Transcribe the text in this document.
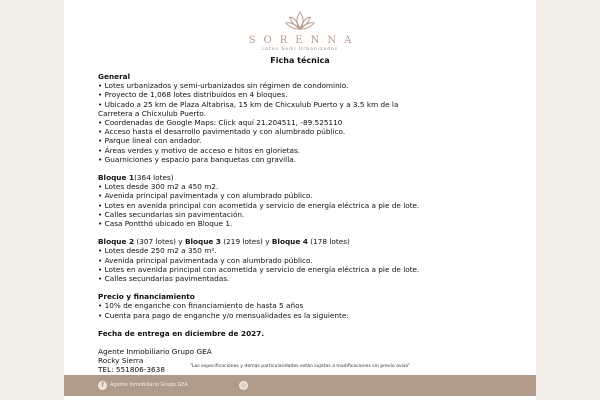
SORENNA
Lotes Semi Urbanizados
Ficha técnica
General
• Lotes urbanizados y semi-urbanizados sin régimen de condominio.
• Proyecto de 1,068 lotes distribuidos en 4 bloques.
• Ubicado a 25 km de Plaza Altabrisa, 15 km de Chicxulub Puerto y a 3.5 km de la
Carretera a Chicxulub Puerto.
• Coordenadas de Google Maps: Click aquí 21.204511, -89.525110
• Acceso hasta el desarrollo pavimentado y con alumbrado público.
• Parque lineal con andador.
• Áreas verdes y motivo de acceso e hitos en glorietas.
• Guarniciones y espacio para banquetas con gravilla.
Bloque 1(364 lotes)
• Lotes desde 300 m2 a 450 m2.
• Avenida principal pavimentada y con alumbrado público.
• Lotes en avenida principal con acometida y servicio de energía eléctrica a pie de lote.
• Calles secundarias sin pavimentación.
• Casa Pontthó ubicado en Bloque 1.
Bloque 2 (307 lotes) y Bloque 3 (219 lotes) y Bloque 4 (178 lotes)
• Lotes desde 250 m2 a 350 m².
• Avenida principal pavimentada y con alumbrado público.
• Lotes en avenida principal con acometida y servicio de energía eléctrica a pie de lote.
• Calles secundarias pavimentadas.
Precio y financiamiento
• 10% de enganche con financiamiento de hasta 5 años
• Cuenta para pago de enganche y/o mensualidades es la siguiente:
Fecha de entrega en diciembre de 2027.
Agente Inmobiliario Grupo GEA
Rocky Sierra
TEL: 551806-3638	"Las especificaciones y demás particularidades están sujetas a modificaciones sin previo aviso"
f	Agente Inmobiliario Grupo GEA	◎
